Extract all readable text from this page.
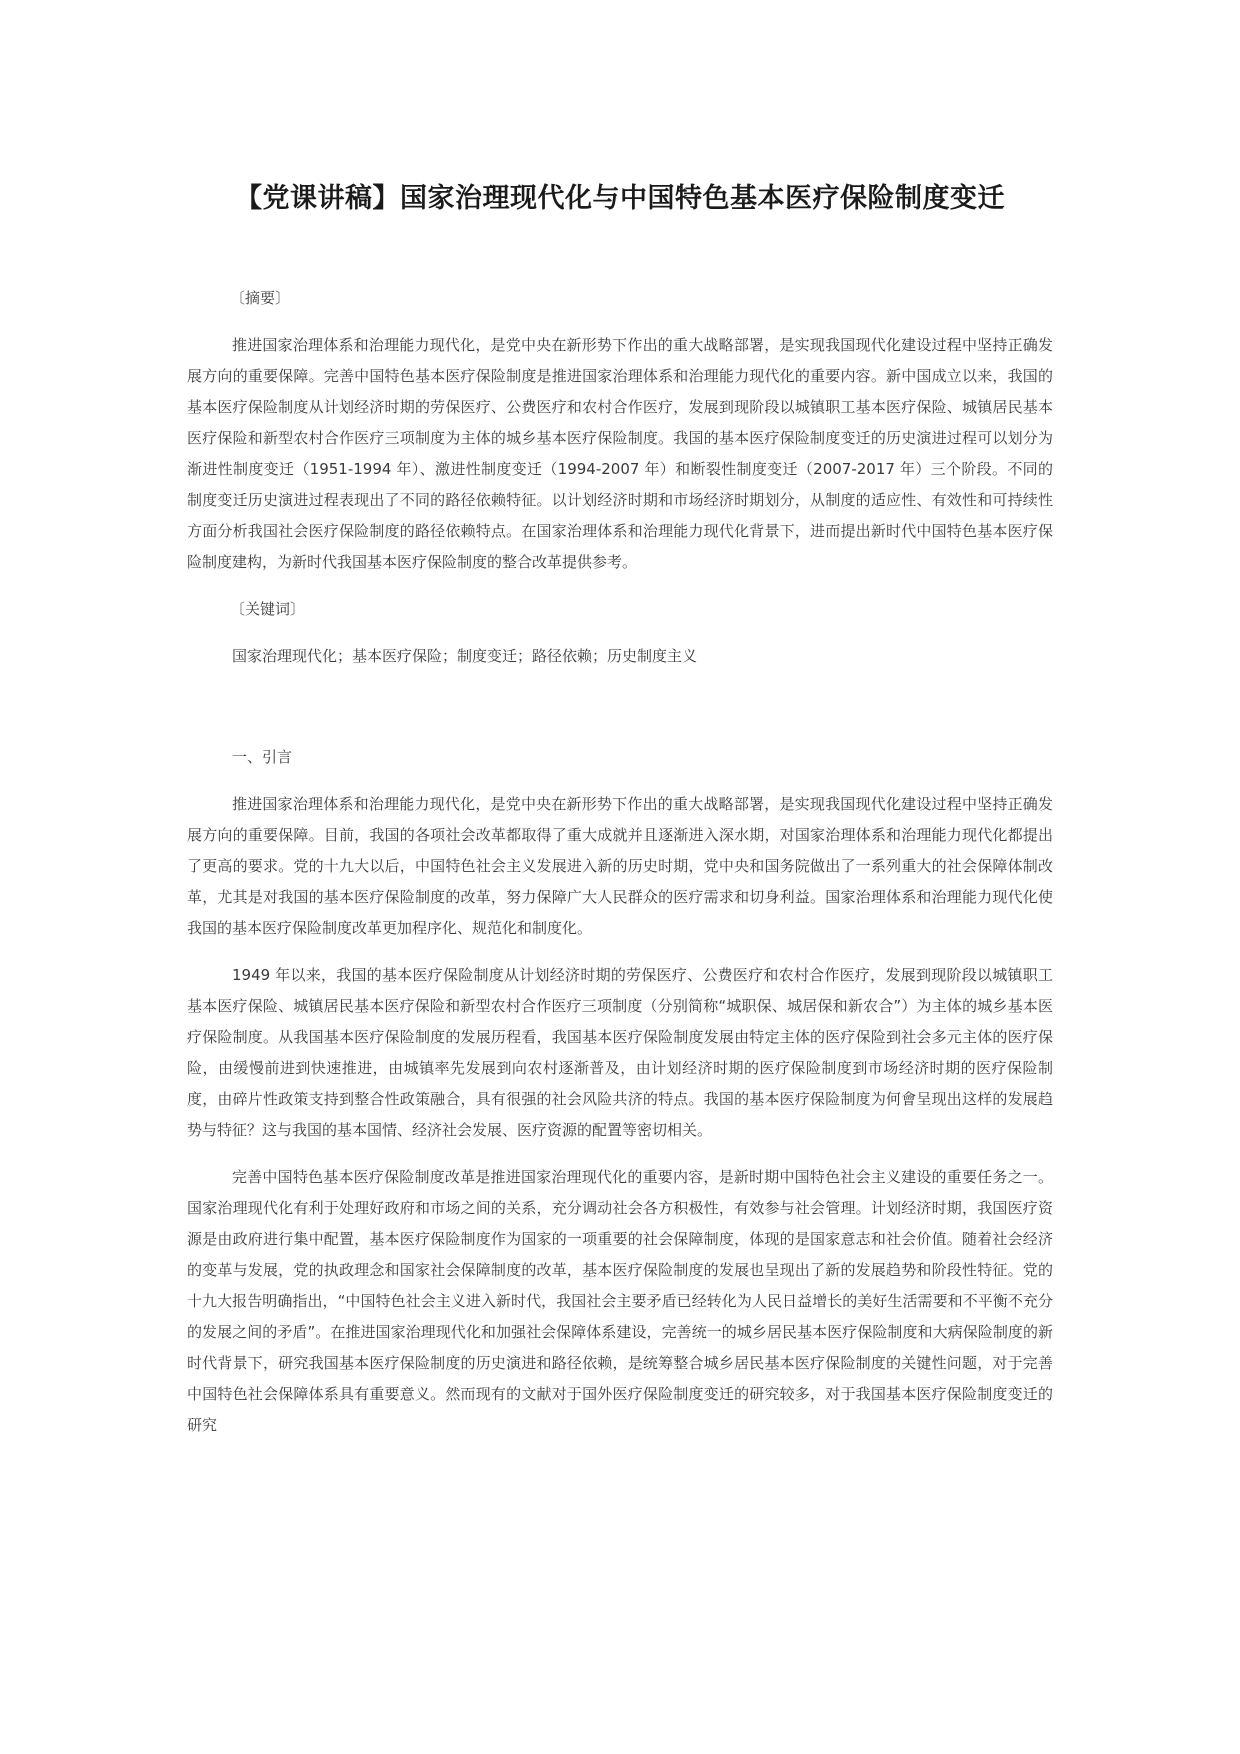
【党课讲稿】国家治理现代化与中国特色基本医疗保险制度变迁

〔摘要〕

推进国家治理体系和治理能力现代化，是党中央在新形势下作出的重大战略部署，是实现我国现代化建设过程中坚持正确发展方向的重要保障。完善中国特色基本医疗保险制度是推进国家治理体系和治理能力现代化的重要内容。新中国成立以来，我国的基本医疗保险制度从计划经济时期的劳保医疗、公费医疗和农村合作医疗，发展到现阶段以城镇职工基本医疗保险、城镇居民基本医疗保险和新型农村合作医疗三项制度为主体的城乡基本医疗保险制度。我国的基本医疗保险制度变迁的历史演进过程可以划分为渐进性制度变迁（1951-1994 年）、激进性制度变迁（1994-2007 年）和断裂性制度变迁（2007-2017 年）三个阶段。不同的制度变迁历史演进过程表现出了不同的路径依赖特征。以计划经济时期和市场经济时期划分，从制度的适应性、有效性和可持续性方面分析我国社会医疗保险制度的路径依赖特点。在国家治理体系和治理能力现代化背景下，进而提出新时代中国特色基本医疗保险制度建构，为新时代我国基本医疗保险制度的整合改革提供参考。

〔关键词〕

国家治理现代化；基本医疗保险；制度变迁；路径依赖；历史制度主义

一、引言

推进国家治理体系和治理能力现代化，是党中央在新形势下作出的重大战略部署，是实现我国现代化建设过程中坚持正确发展方向的重要保障。目前，我国的各项社会改革都取得了重大成就并且逐渐进入深水期，对国家治理体系和治理能力现代化都提出了更高的要求。党的十九大以后，中国特色社会主义发展进入新的历史时期，党中央和国务院做出了一系列重大的社会保障体制改革，尤其是对我国的基本医疗保险制度的改革，努力保障广大人民群众的医疗需求和切身利益。国家治理体系和治理能力现代化使我国的基本医疗保险制度改革更加程序化、规范化和制度化。

1949 年以来，我国的基本医疗保险制度从计划经济时期的劳保医疗、公费医疗和农村合作医疗，发展到现阶段以城镇职工基本医疗保险、城镇居民基本医疗保险和新型农村合作医疗三项制度（分别简称“城职保、城居保和新农合”）为主体的城乡基本医疗保险制度。从我国基本医疗保险制度的发展历程看，我国基本医疗保险制度发展由特定主体的医疗保险到社会多元主体的医疗保险，由缓慢前进到快速推进，由城镇率先发展到向农村逐渐普及，由计划经济时期的医疗保险制度到市场经济时期的医疗保险制度，由碎片性政策支持到整合性政策融合，具有很强的社会风险共济的特点。我国的基本医疗保险制度为何會呈现出这样的发展趋势与特征？这与我国的基本国情、经济社会发展、医疗资源的配置等密切相关。

完善中国特色基本医疗保险制度改革是推进国家治理现代化的重要内容，是新时期中国特色社会主义建设的重要任务之一。国家治理现代化有利于处理好政府和市场之间的关系，充分调动社会各方积极性，有效参与社会管理。计划经济时期，我国医疗资源是由政府进行集中配置，基本医疗保险制度作为国家的一项重要的社会保障制度，体现的是国家意志和社会价值。随着社会经济的变革与发展，党的执政理念和国家社会保障制度的改革，基本医疗保险制度的发展也呈现出了新的发展趋势和阶段性特征。党的十九大报告明确指出，“中国特色社会主义进入新时代，我国社会主要矛盾已经转化为人民日益增长的美好生活需要和不平衡不充分的发展之间的矛盾”。在推进国家治理现代化和加强社会保障体系建设，完善统一的城乡居民基本医疗保险制度和大病保险制度的新时代背景下，研究我国基本医疗保险制度的历史演进和路径依赖，是统筹整合城乡居民基本医疗保险制度的关键性问题，对于完善中国特色社会保障体系具有重要意义。然而现有的文献对于国外医疗保险制度变迁的研究较多，对于我国基本医疗保险制度变迁的研究
